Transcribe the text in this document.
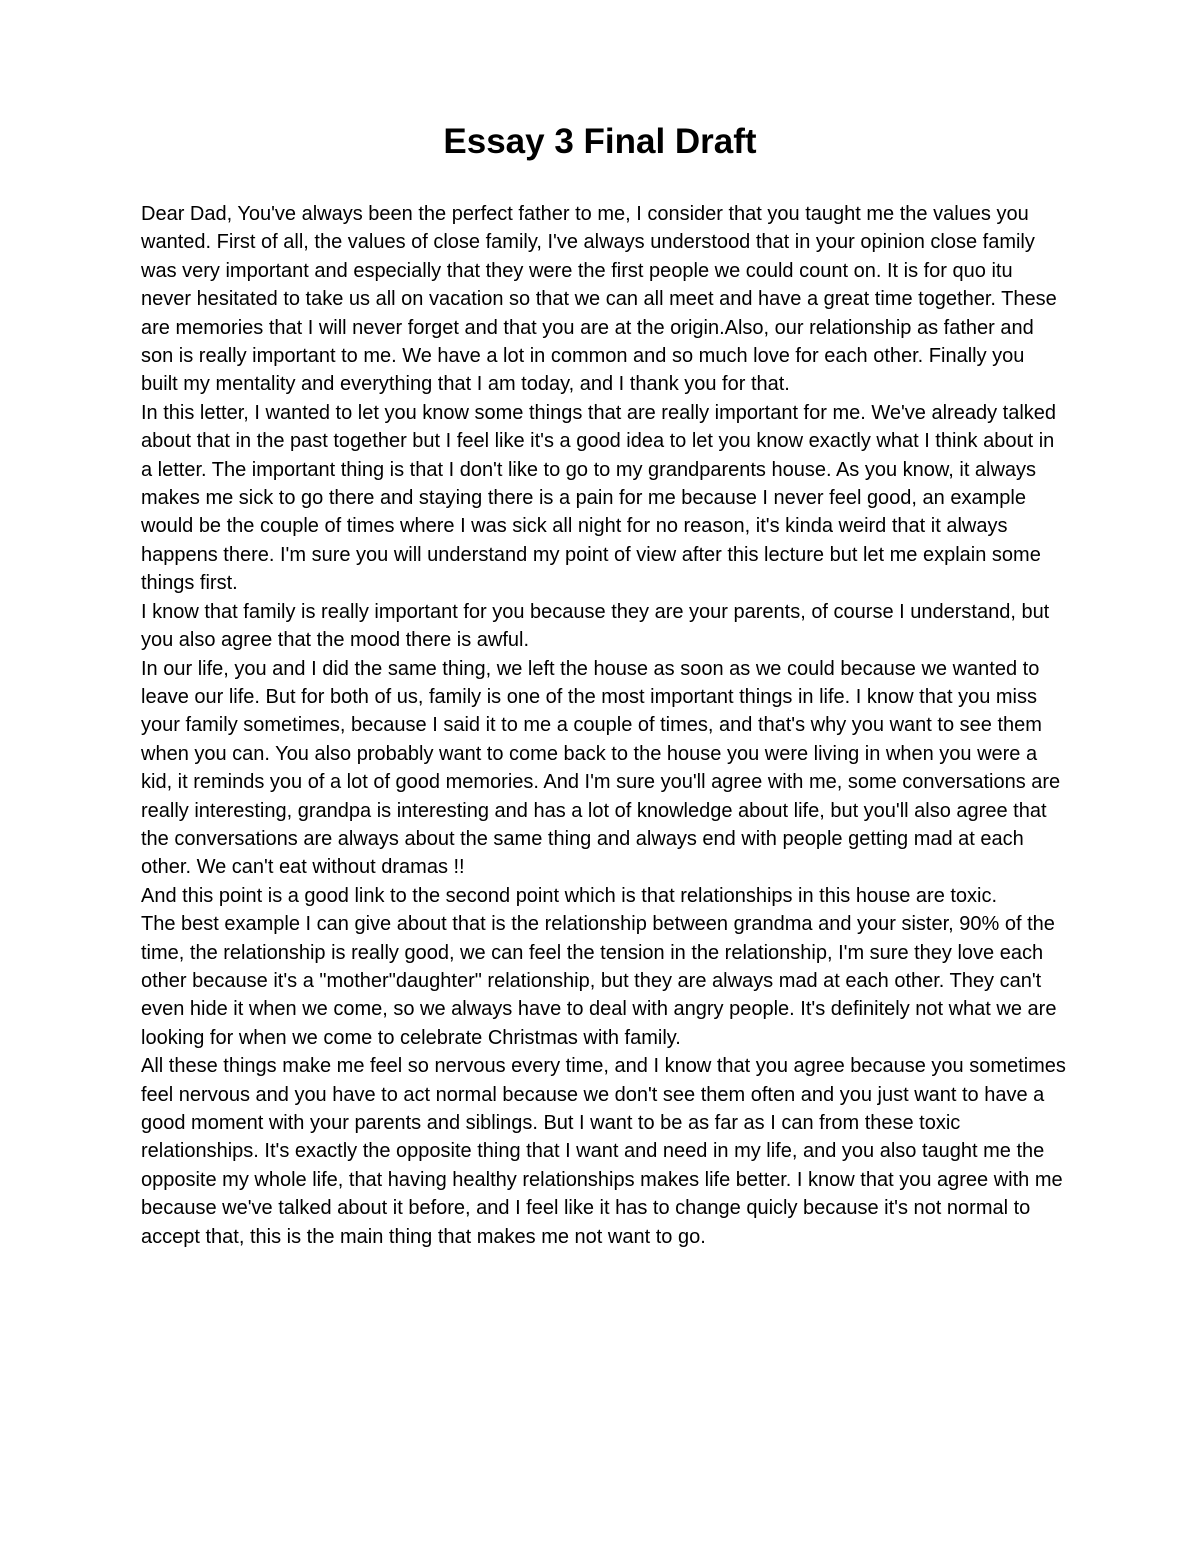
Essay 3 Final Draft

Dear Dad, You've always been the perfect father to me, I consider that you taught me the values you wanted. First of all, the values of close family, I've always understood that in your opinion close family was very important and especially that they were the first people we could count on. It is for quo itu never hesitated to take us all on vacation so that we can all meet and have a great time together. These are memories that I will never forget and that you are at the origin.Also, our relationship as father and son is really important to me. We have a lot in common and so much love for each other. Finally you built my mentality and everything that I am today, and I thank you for that.

In this letter, I wanted to let you know some things that are really important for me. We've already talked about that in the past together but I feel like it's a good idea to let you know exactly what I think about in a letter. The important thing is that I don't like to go to my grandparents house. As you know, it always makes me sick to go there and staying there is a pain for me because I never feel good, an example would be the couple of times where I was sick all night for no reason, it's kinda weird that it always happens there. I'm sure you will understand my point of view after this lecture but let me explain some things first.

I know that family is really important for you because they are your parents, of course I understand, but you also agree that the mood there is awful.

In our life, you and I did the same thing, we left the house as soon as we could because we wanted to leave our life. But for both of us, family is one of the most important things in life. I know that you miss your family sometimes, because I said it to me a couple of times, and that's why you want to see them when you can. You also probably want to come back to the house you were living in when you were a kid, it reminds you of a lot of good memories. And I'm sure you'll agree with me, some conversations are really interesting, grandpa is interesting and has a lot of knowledge about life, but you'll also agree that the conversations are always about the same thing and always end with people getting mad at each other. We can't eat without dramas !!

And this point is a good link to the second point which is that relationships in this house are toxic.

The best example I can give about that is the relationship between grandma and your sister, 90% of the time, the relationship is really good, we can feel the tension in the relationship, I'm sure they love each other because it's a "mother"daughter" relationship, but they are always mad at each other. They can't even hide it when we come, so we always have to deal with angry people. It's definitely not what we are looking for when we come to celebrate Christmas with family.

All these things make me feel so nervous every time, and I know that you agree because you sometimes feel nervous and you have to act normal because we don't see them often and you just want to have a good moment with your parents and siblings. But I want to be as far as I can from these toxic relationships. It's exactly the opposite thing that I want and need in my life, and you also taught me the opposite my whole life, that having healthy relationships makes life better. I know that you agree with me because we've talked about it before, and I feel like it has to change quicly because it's not normal to accept that, this is the main thing that makes me not want to go.
